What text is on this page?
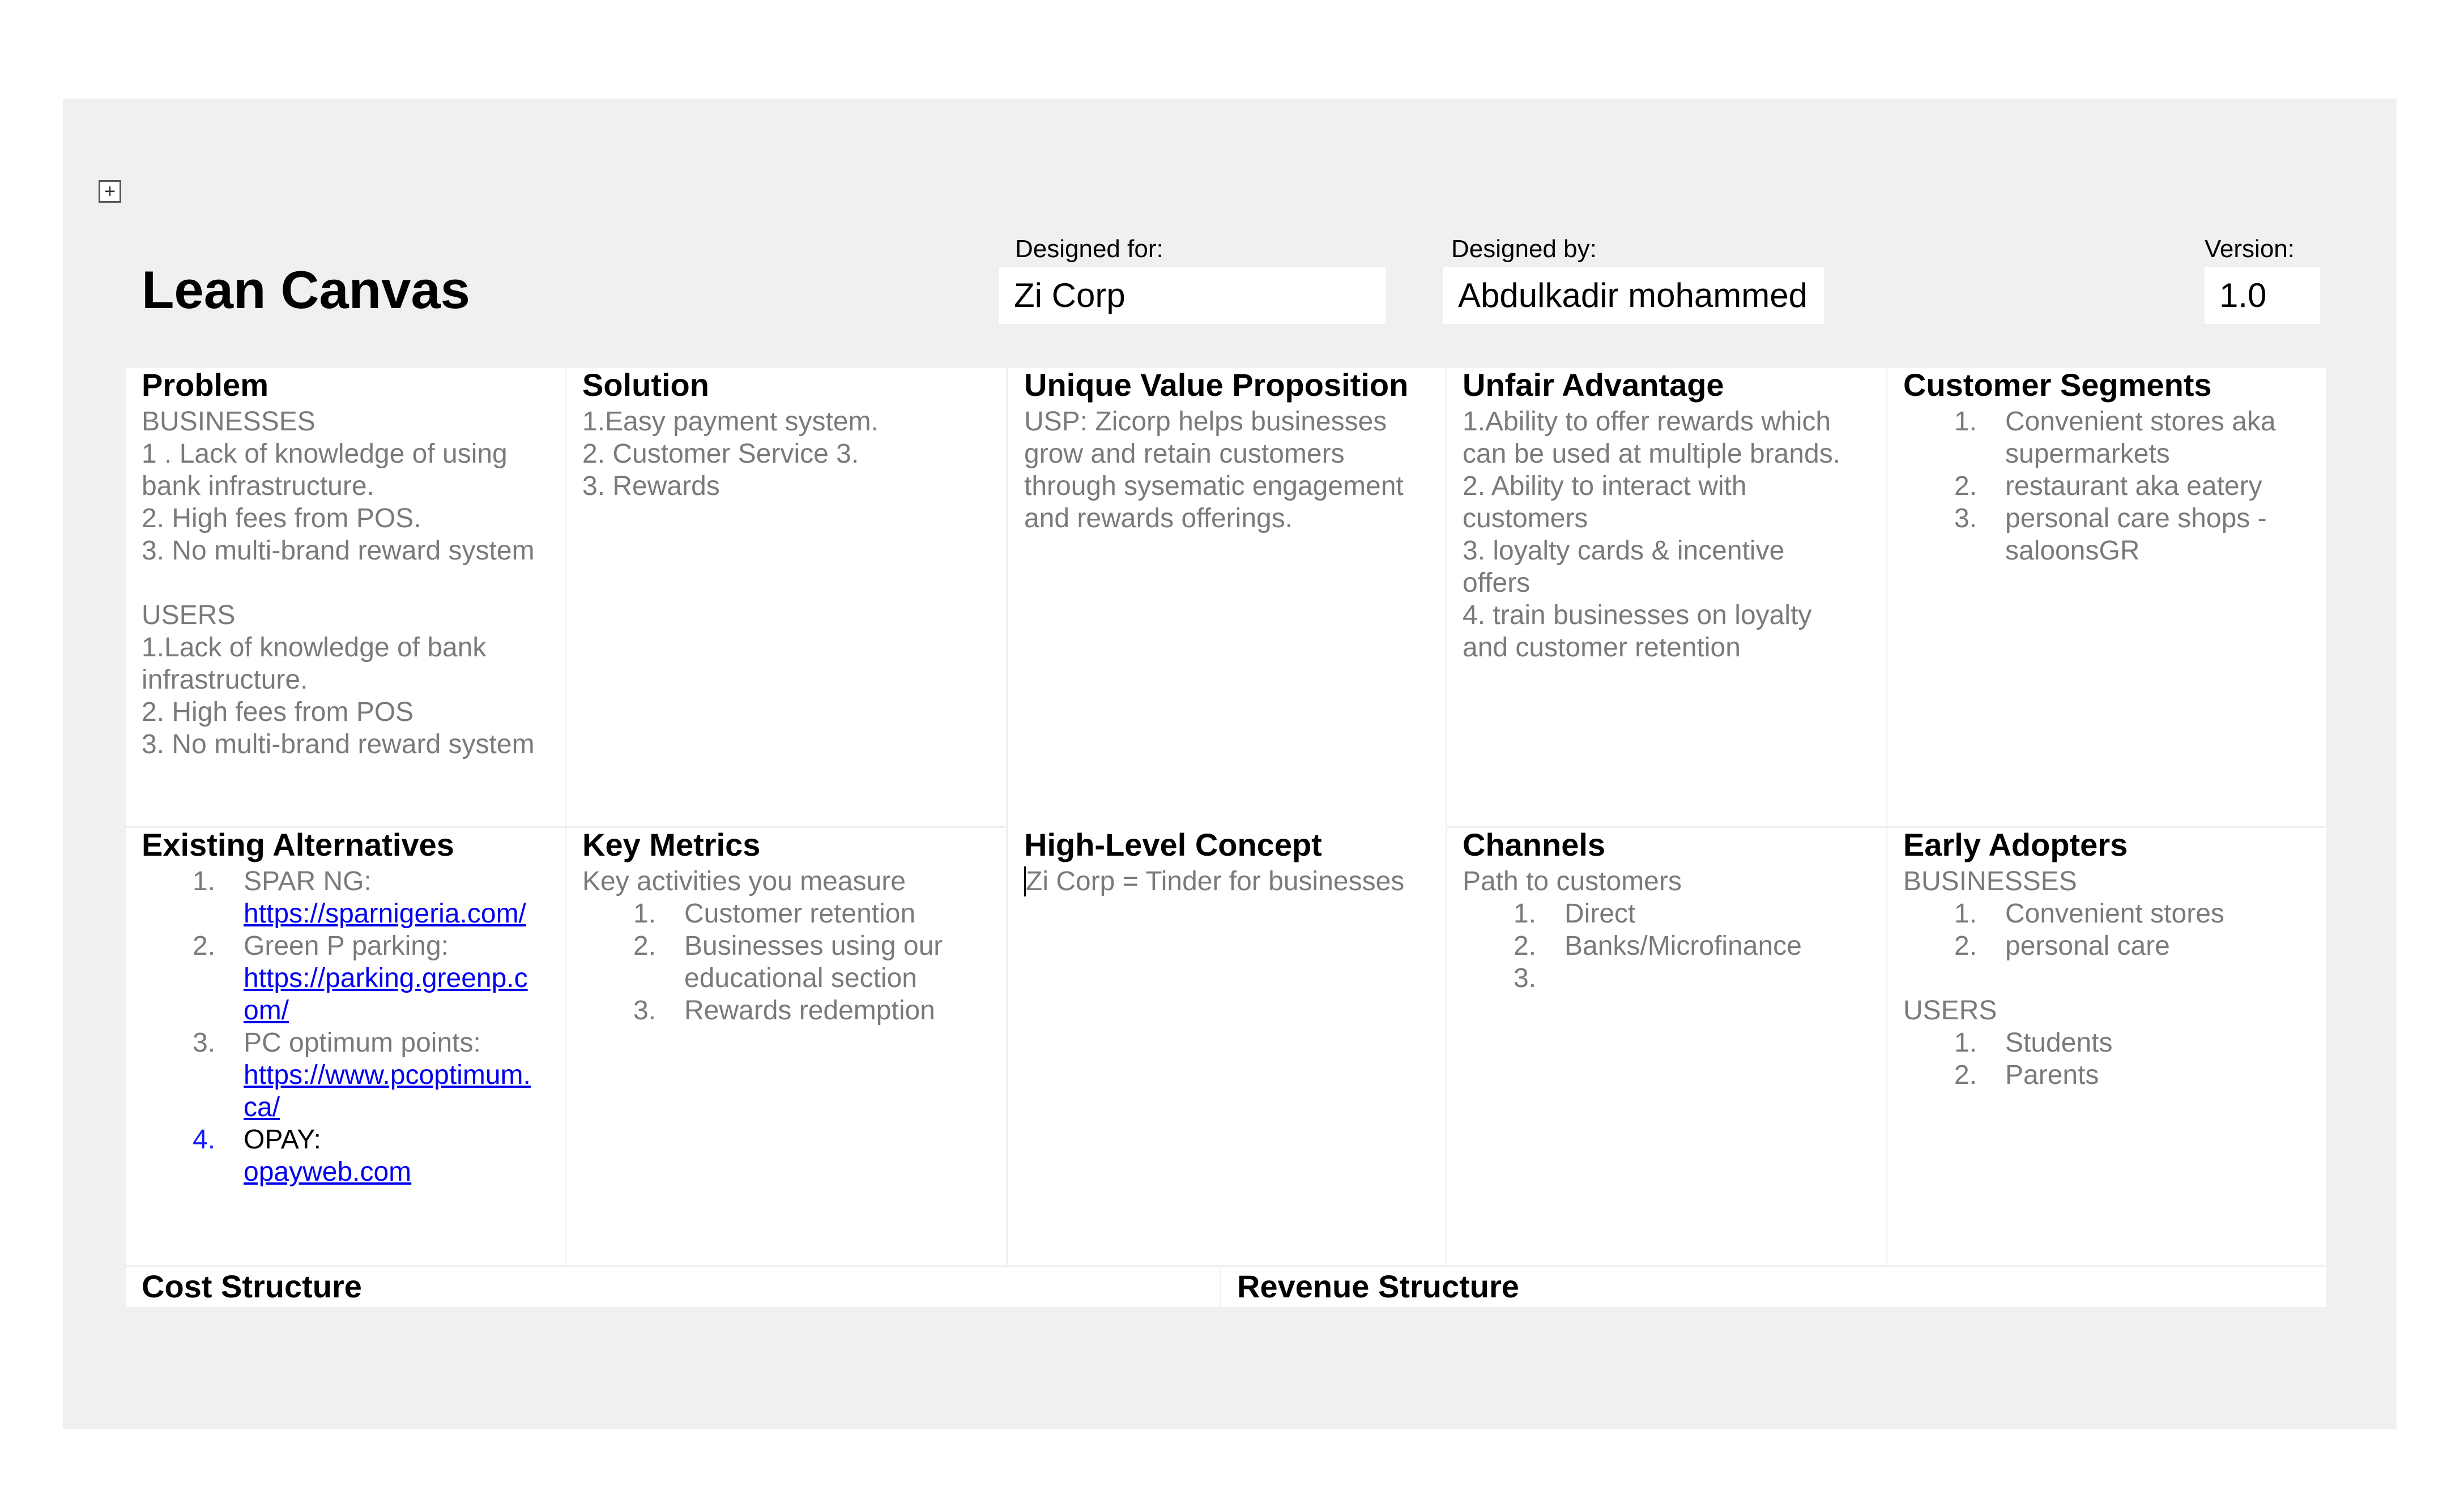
+
Lean Canvas
Designed for:
Zi Corp
Designed by:
Abdulkadir mohammed
Version:
1.0
Problem
BUSINESSES
1 . Lack of knowledge of using
bank infrastructure.
2. High fees from POS.
3. No multi-brand reward system
USERS
1.Lack of knowledge of bank
infrastructure.
2. High fees from POS
3. No multi-brand reward system
Solution
1.Easy payment system.
2. Customer Service 3.
3. Rewards
Unique Value Proposition
USP: Zicorp helps businesses
grow and retain customers
through sysematic engagement
and rewards offerings.
Unfair Advantage
1.Ability to offer rewards which
can be used at multiple brands.
2. Ability to interact with
customers
3. loyalty cards & incentive
offers
4. train businesses on loyalty
and customer retention
Customer Segments
1. Convenient stores aka
supermarkets
2. restaurant aka eatery
3. personal care shops -
saloonsGR
Existing Alternatives
1. SPAR NG:
https://sparnigeria.com/
2. Green P parking:
https://parking.greenp.c
om/
3. PC optimum points:
https://www.pcoptimum.
ca/
4. OPAY:
opayweb.com
Key Metrics
Key activities you measure
1. Customer retention
2. Businesses using our
educational section
3. Rewards redemption
High-Level Concept
Zi Corp = Tinder for businesses
Channels
Path to customers
1. Direct
2. Banks/Microfinance
3.

Early Adopters
BUSINESSES
1. Convenient stores
2. personal care
USERS
1. Students
2. Parents
Cost Structure	Revenue Structure
